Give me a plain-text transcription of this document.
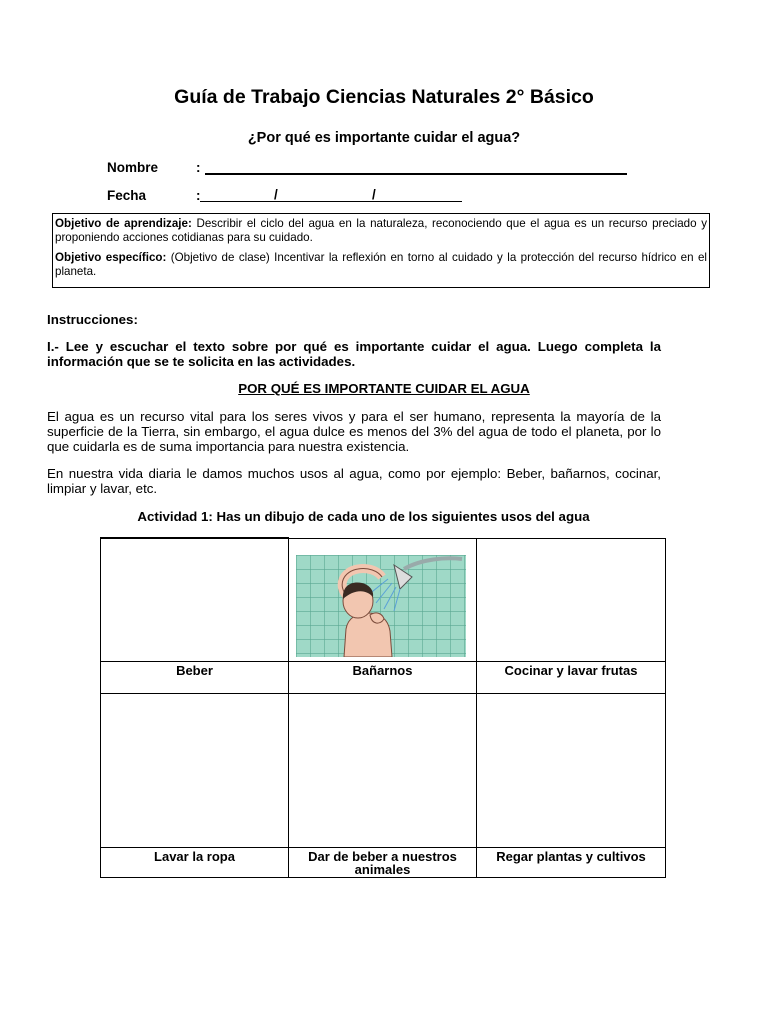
Guía de Trabajo Ciencias Naturales 2° Básico
¿Por qué es importante cuidar el agua?
Nombre	:
Fecha	:	/	/

Objetivo de aprendizaje: Describir el ciclo del agua en la naturaleza, reconociendo que el agua es un recurso preciado y proponiendo acciones cotidianas para su cuidado.

Objetivo específico: (Objetivo de clase) Incentivar la reflexión en torno al cuidado y la protección del recurso hídrico en el planeta.

Instrucciones:
I.- Lee y escuchar el texto sobre por qué es importante cuidar el agua. Luego completa la información que se te solicita en las actividades.
POR QUÉ ES IMPORTANTE CUIDAR EL AGUA
El agua es un recurso vital para los seres vivos y para el ser humano, representa la mayoría de la superficie de la Tierra, sin embargo, el agua dulce es menos del 3% del agua de todo el planeta, por lo que cuidarla es de suma importancia para nuestra existencia.
En nuestra vida diaria le damos muchos usos al agua, como por ejemplo: Beber, bañarnos, cocinar, limpiar y lavar, etc.
Actividad 1: Has un dibujo de cada uno de los siguientes usos del agua

Beber	Bañarnos	Cocinar y lavar frutas

Lavar la ropa	Dar de beber a nuestros animales	Regar plantas y cultivos
